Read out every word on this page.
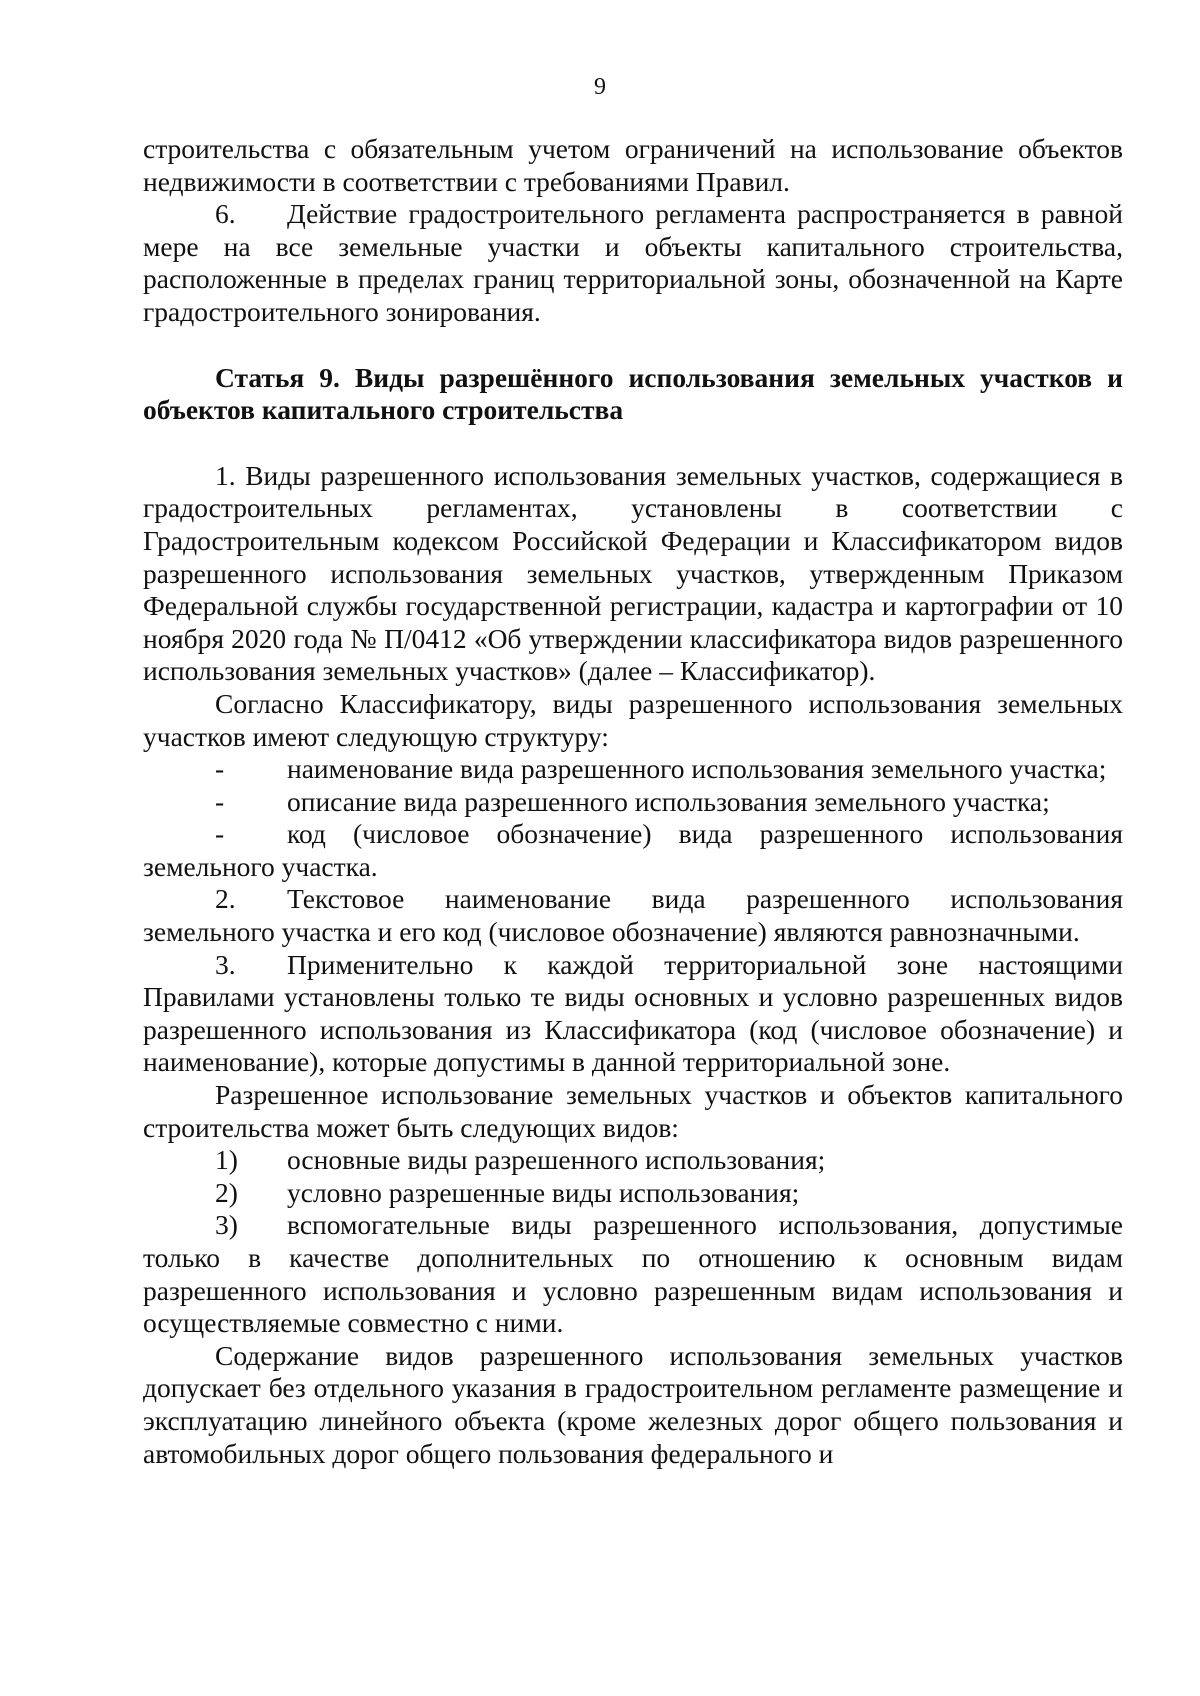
9

строительства с обязательным учетом ограничений на использование объектов недвижимости в соответствии с требованиями Правил.

6. Действие градостроительного регламента распространяется в равной мере на все земельные участки и объекты капитального строительства, расположенные в пределах границ территориальной зоны, обозначенной на Карте градостроительного зонирования.

Статья 9. Виды разрешённого использования земельных участков и объектов капитального строительства

1. Виды разрешенного использования земельных участков, содержащиеся в градостроительных регламентах, установлены в соответствии с Градостроительным кодексом Российской Федерации и Классификатором видов разрешенного использования земельных участков, утвержденным Приказом Федеральной службы государственной регистрации, кадастра и картографии от 10 ноября 2020 года № П/0412 «Об утверждении классификатора видов разрешенного использования земельных участков» (далее – Классификатор).

Согласно Классификатору, виды разрешенного использования земельных участков имеют следующую структуру:

- наименование вида разрешенного использования земельного участка;

- описание вида разрешенного использования земельного участка;

- код (числовое обозначение) вида разрешенного использования земельного участка.

2. Текстовое наименование вида разрешенного использования земельного участка и его код (числовое обозначение) являются равнозначными.

3. Применительно к каждой территориальной зоне настоящими Правилами установлены только те виды основных и условно разрешенных видов разрешенного использования из Классификатора (код (числовое обозначение) и наименование), которые допустимы в данной территориальной зоне.

Разрешенное использование земельных участков и объектов капитального строительства может быть следующих видов:

1) основные виды разрешенного использования;

2) условно разрешенные виды использования;

3) вспомогательные виды разрешенного использования, допустимые только в качестве дополнительных по отношению к основным видам разрешенного использования и условно разрешенным видам использования и осуществляемые совместно с ними.

Содержание видов разрешенного использования земельных участков допускает без отдельного указания в градостроительном регламенте размещение и эксплуатацию линейного объекта (кроме железных дорог общего пользования и автомобильных дорог общего пользования федерального и
